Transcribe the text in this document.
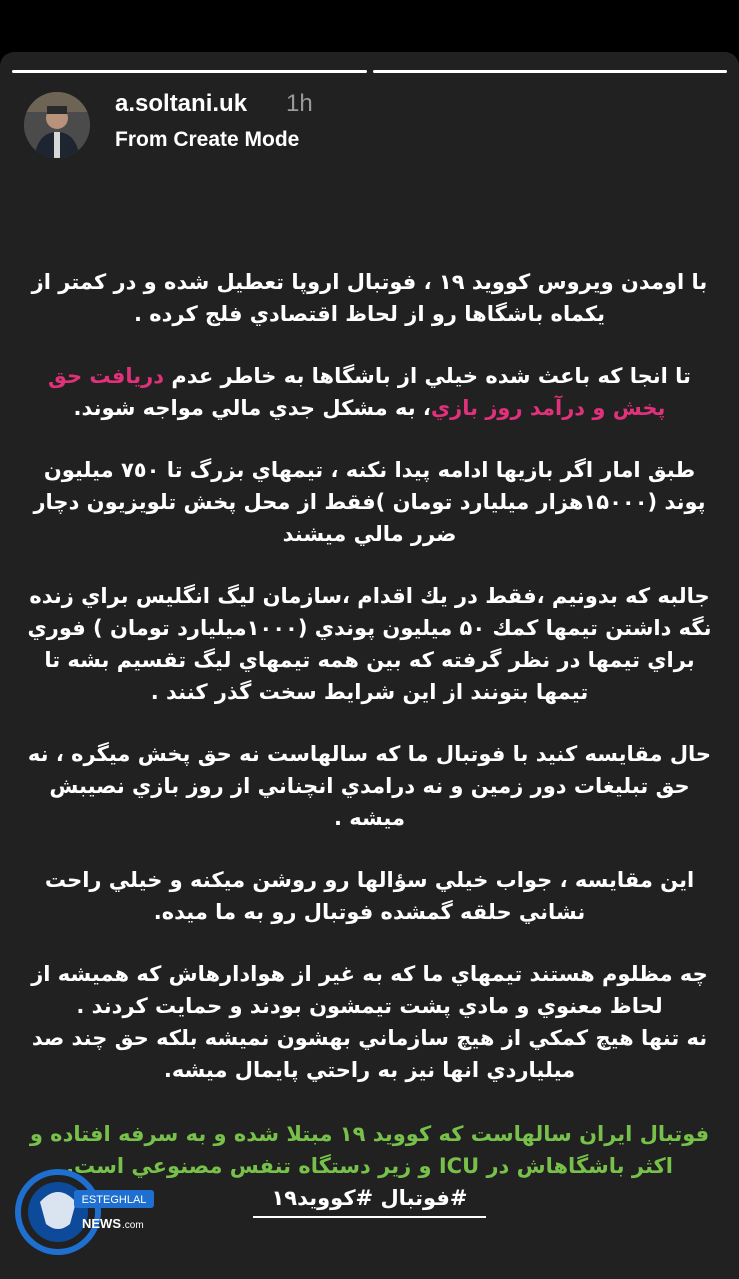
a.soltani.uk 1h
From Create Mode

با اومدن ويروس كوويد ١٩ ، فوتبال اروپا تعطيل شده و در كمتر از يكماه باشگاها رو از لحاظ اقتصادي فلج كرده .

تا انجا كه باعث شده خيلي از باشگاها به خاطر عدم دريافت حق پخش و درآمد روز بازي، به مشكل جدي مالي مواجه شوند.

طبق امار اگر بازيها ادامه پيدا نكنه ، تيمهاي بزرگ تا ٧٥٠ ميليون پوند (١۵٠٠٠هزار ميليارد تومان )فقط از محل پخش تلويزيون دچار ضرر مالي ميشند

جالبه كه بدونيم ،فقط در يك اقدام ،سازمان ليگ انگليس براي زنده نگه داشتن تيمها كمك ۵٠ ميليون پوندي (١٠٠٠ميليارد تومان ) فوري براي تيمها در نظر گرفته كه بين همه تيمهاي ليگ تقسيم بشه تا تيمها بتونند از اين شرايط سخت گذر كنند .

حال مقايسه كنيد با فوتبال ما كه سالهاست نه حق پخش ميگره ، نه حق تبليغات دور زمين و نه درامدي انچناني از روز بازي نصيبش ميشه .

اين مقايسه ، جواب خيلي سؤالها رو روشن ميكنه و خيلي راحت نشاني حلقه گمشده فوتبال رو به ما ميده.

چه مظلوم هستند تيمهاي ما كه به غير از هوادارهاش كه هميشه از لحاظ معنوي و مادي پشت تيمشون بودند و حمايت كردند .
نه تنها هيچ كمكي از هيچ سازماني بهشون نميشه بلكه حق چند صد ميلياردي انها نيز به راحتي پايمال ميشه.

فوتبال ايران سالهاست كه كوويد ١٩ مبتلا شده و به سرفه افتاده و اكثر باشگاهاش در ICU و زير دستگاه تنفس مصنوعي است.

#فوتبال #كوويد١٩
ESTEGHLAL
NEWS .com
